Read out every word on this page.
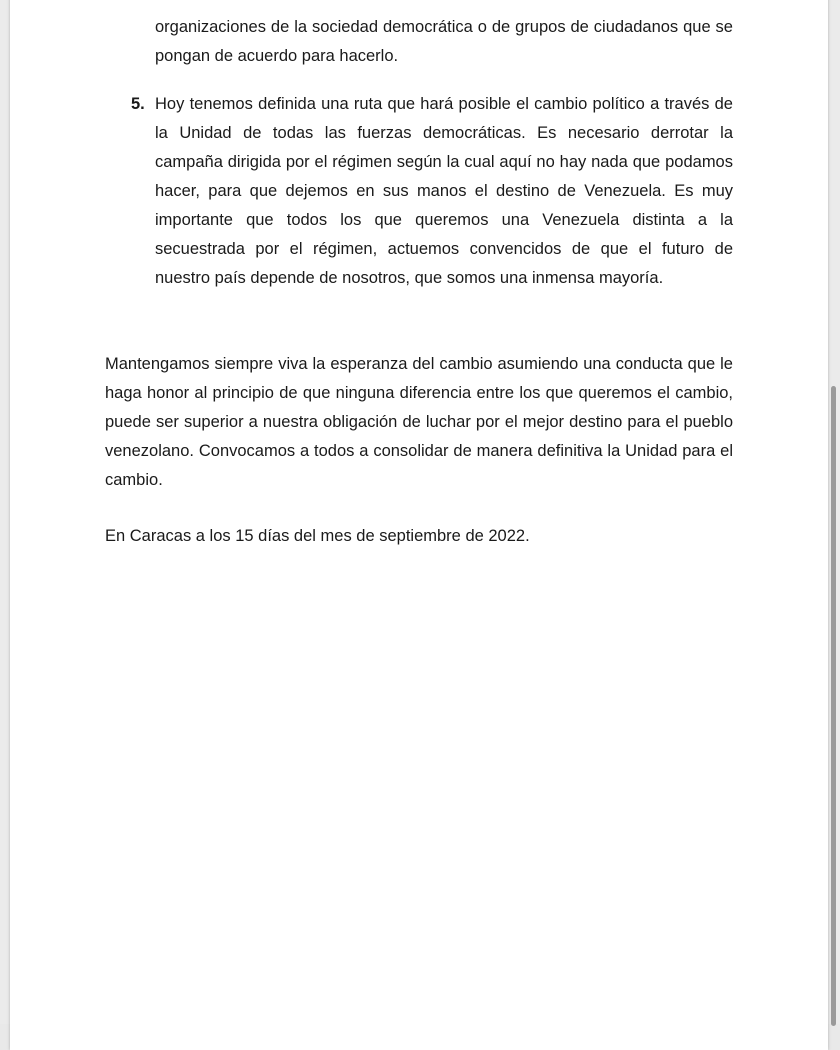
organizaciones de la sociedad democrática o de grupos de ciudadanos que se pongan de acuerdo para hacerlo.

5. Hoy tenemos definida una ruta que hará posible el cambio político a través de la Unidad de todas las fuerzas democráticas. Es necesario derrotar la campaña dirigida por el régimen según la cual aquí no hay nada que podamos hacer, para que dejemos en sus manos el destino de Venezuela. Es muy importante que todos los que queremos una Venezuela distinta a la secuestrada por el régimen, actuemos convencidos de que el futuro de nuestro país depende de nosotros, que somos una inmensa mayoría.

Mantengamos siempre viva la esperanza del cambio asumiendo una conducta que le haga honor al principio de que ninguna diferencia entre los que queremos el cambio, puede ser superior a nuestra obligación de luchar por el mejor destino para el pueblo venezolano. Convocamos a todos a consolidar de manera definitiva la Unidad para el cambio.

En Caracas a los 15 días del mes de septiembre de 2022.
